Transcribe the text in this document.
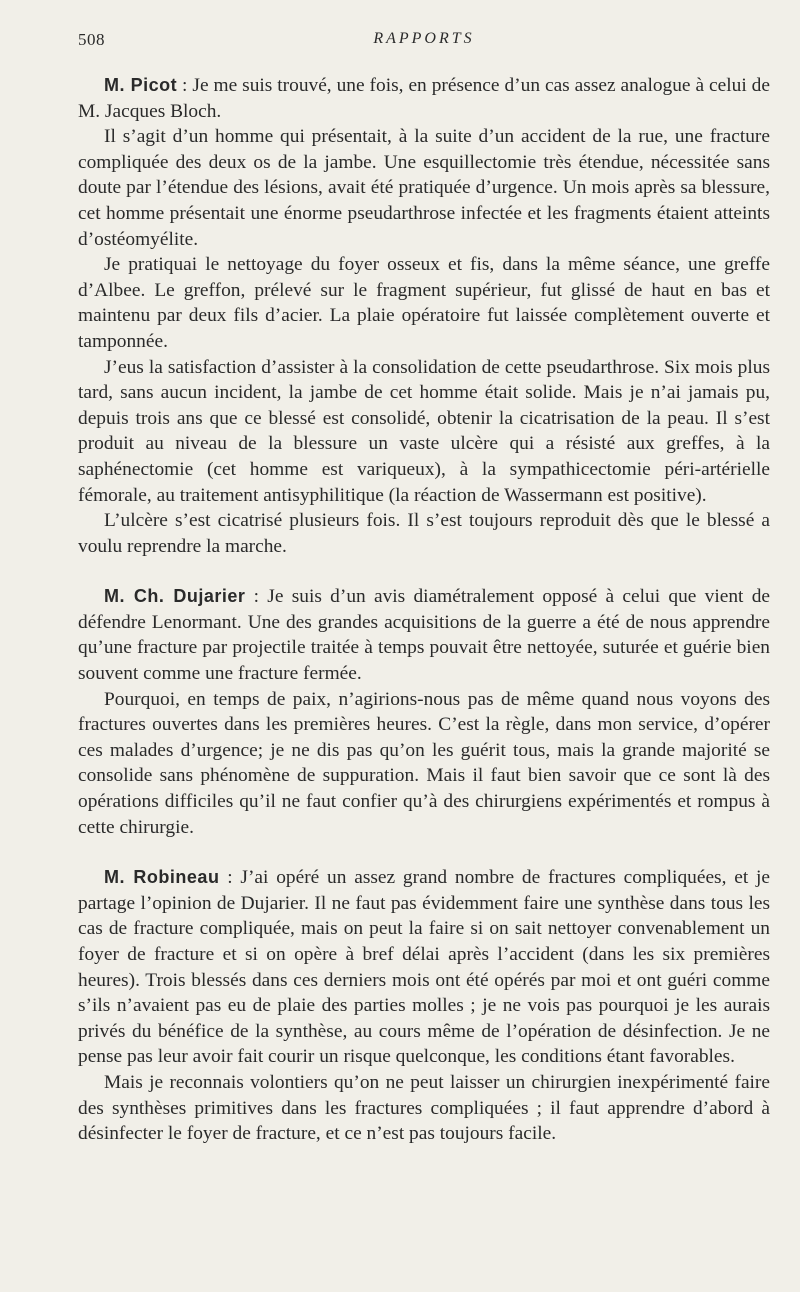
508	RAPPORTS

M. Picot : Je me suis trouvé, une fois, en présence d’un cas assez analogue à celui de M. Jacques Bloch.

Il s’agit d’un homme qui présentait, à la suite d’un accident de la rue, une fracture compliquée des deux os de la jambe. Une esquillectomie très étendue, nécessitée sans doute par l’étendue des lésions, avait été pratiquée d’urgence. Un mois après sa blessure, cet homme présentait une énorme pseudarthrose infectée et les fragments étaient atteints d’ostéomyélite.

Je pratiquai le nettoyage du foyer osseux et fis, dans la même séance, une greffe d’Albee. Le greffon, prélevé sur le fragment supérieur, fut glissé de haut en bas et maintenu par deux fils d’acier. La plaie opératoire fut laissée complètement ouverte et tamponnée.

J’eus la satisfaction d’assister à la consolidation de cette pseudarthrose. Six mois plus tard, sans aucun incident, la jambe de cet homme était solide. Mais je n’ai jamais pu, depuis trois ans que ce blessé est consolidé, obtenir la cicatrisation de la peau. Il s’est produit au niveau de la blessure un vaste ulcère qui a résisté aux greffes, à la saphénectomie (cet homme est variqueux), à la sympathicectomie péri-artérielle fémorale, au traitement antisyphilitique (la réaction de Wassermann est positive).

L’ulcère s’est cicatrisé plusieurs fois. Il s’est toujours reproduit dès que le blessé a voulu reprendre la marche.

M. Ch. Dujarier : Je suis d’un avis diamétralement opposé à celui que vient de défendre Lenormant. Une des grandes acquisitions de la guerre a été de nous apprendre qu’une fracture par projectile traitée à temps pouvait être nettoyée, suturée et guérie bien souvent comme une fracture fermée.

Pourquoi, en temps de paix, n’agirions-nous pas de même quand nous voyons des fractures ouvertes dans les premières heures. C’est la règle, dans mon service, d’opérer ces malades d’urgence; je ne dis pas qu’on les guérit tous, mais la grande majorité se consolide sans phénomène de suppuration. Mais il faut bien savoir que ce sont là des opérations difficiles qu’il ne faut confier qu’à des chirurgiens expérimentés et rompus à cette chirurgie.

M. Robineau : J’ai opéré un assez grand nombre de fractures compliquées, et je partage l’opinion de Dujarier. Il ne faut pas évidemment faire une synthèse dans tous les cas de fracture compliquée, mais on peut la faire si on sait nettoyer convenablement un foyer de fracture et si on opère à bref délai après l’accident (dans les six premières heures). Trois blessés dans ces derniers mois ont été opérés par moi et ont guéri comme s’ils n’avaient pas eu de plaie des parties molles ; je ne vois pas pourquoi je les aurais privés du bénéfice de la synthèse, au cours même de l’opération de désinfection. Je ne pense pas leur avoir fait courir un risque quelconque, les conditions étant favorables.

Mais je reconnais volontiers qu’on ne peut laisser un chirurgien inexpérimenté faire des synthèses primitives dans les fractures compliquées ; il faut apprendre d’abord à désinfecter le foyer de fracture, et ce n’est pas toujours facile.
